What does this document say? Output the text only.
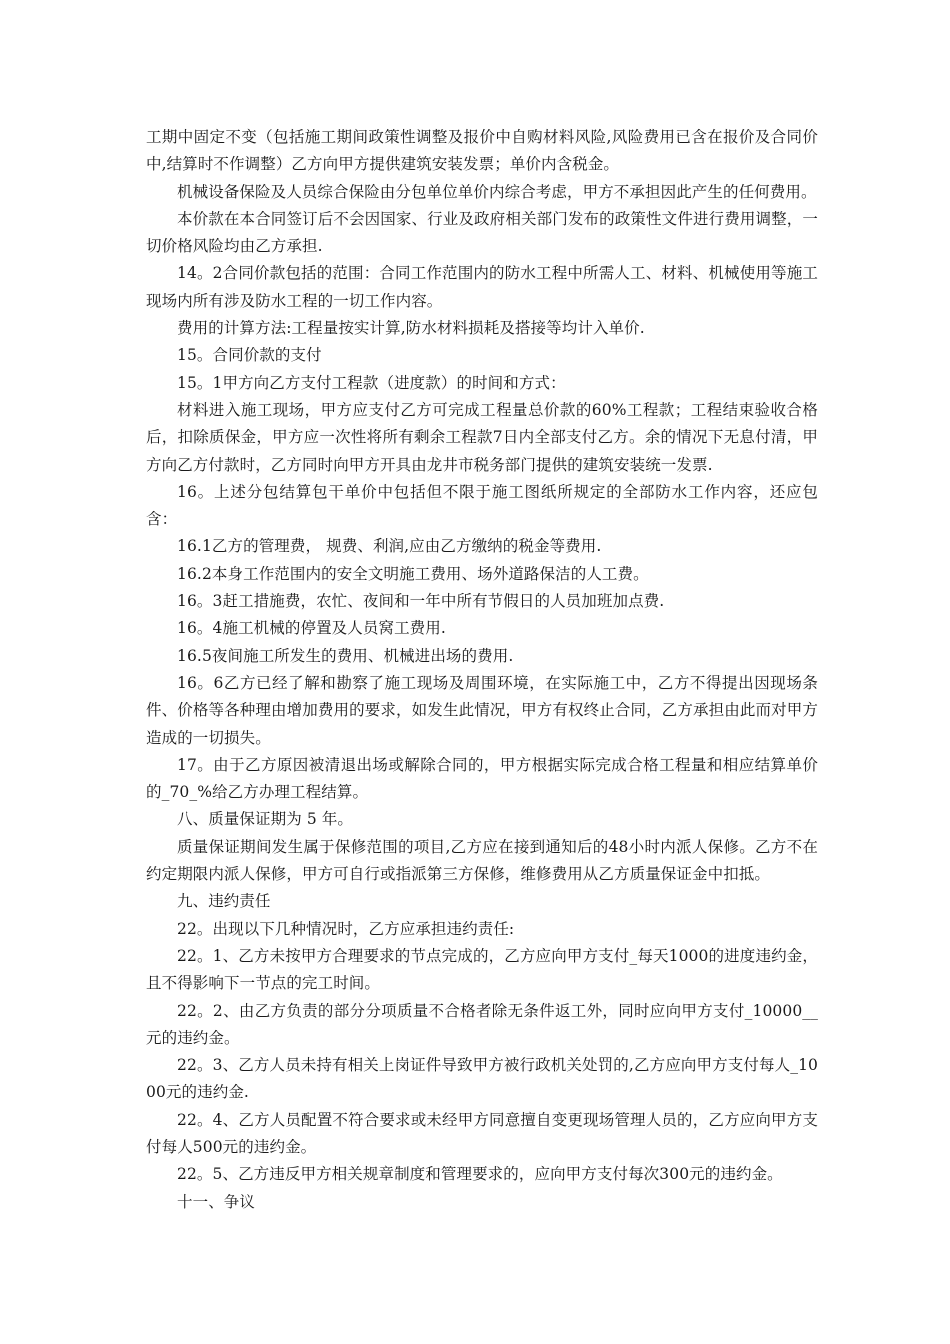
工期中固定不变（包括施工期间政策性调整及报价中自购材料风险,风险费用已含在报价及合同价中,结算时不作调整）乙方向甲方提供建筑安装发票；单价内含税金。

机械设备保险及人员综合保险由分包单位单价内综合考虑，甲方不承担因此产生的任何费用。

本价款在本合同签订后不会因国家、行业及政府相关部门发布的政策性文件进行费用调整，一切价格风险均由乙方承担.

14。2合同价款包括的范围：合同工作范围内的防水工程中所需人工、材料、机械使用等施工现场内所有涉及防水工程的一切工作内容。

费用的计算方法:工程量按实计算,防水材料损耗及搭接等均计入单价.

15。合同价款的支付

15。1甲方向乙方支付工程款（进度款）的时间和方式：

材料进入施工现场，甲方应支付乙方可完成工程量总价款的60%工程款；工程结束验收合格后，扣除质保金，甲方应一次性将所有剩余工程款7日内全部支付乙方。余的情况下无息付清，甲方向乙方付款时，乙方同时向甲方开具由龙井市税务部门提供的建筑安装统一发票.

16。上述分包结算包干单价中包括但不限于施工图纸所规定的全部防水工作内容，还应包含：

16.1乙方的管理费， 规费、利润,应由乙方缴纳的税金等费用.

16.2本身工作范围内的安全文明施工费用、场外道路保洁的人工费。

16。3赶工措施费，农忙、夜间和一年中所有节假日的人员加班加点费.

16。4施工机械的停置及人员窝工费用.

16.5夜间施工所发生的费用、机械进出场的费用.

16。6乙方已经了解和勘察了施工现场及周围环境，在实际施工中，乙方不得提出因现场条件、价格等各种理由增加费用的要求，如发生此情况，甲方有权终止合同，乙方承担由此而对甲方造成的一切损失。

17。由于乙方原因被清退出场或解除合同的，甲方根据实际完成合格工程量和相应结算单价的_70_%给乙方办理工程结算。

八、质量保证期为 5 年。

质量保证期间发生属于保修范围的项目,乙方应在接到通知后的48小时内派人保修。乙方不在约定期限内派人保修，甲方可自行或指派第三方保修，维修费用从乙方质量保证金中扣抵。

九、违约责任

22。出现以下几种情况时，乙方应承担违约责任:

22。1、乙方未按甲方合理要求的节点完成的，乙方应向甲方支付_每天1000的进度违约金，且不得影响下一节点的完工时间。

22。2、由乙方负责的部分分项质量不合格者除无条件返工外，同时应向甲方支付_10000__元的违约金。

22。3、乙方人员未持有相关上岗证件导致甲方被行政机关处罚的,乙方应向甲方支付每人_1000元的违约金.

22。4、乙方人员配置不符合要求或未经甲方同意擅自变更现场管理人员的，乙方应向甲方支付每人500元的违约金。

22。5、乙方违反甲方相关规章制度和管理要求的，应向甲方支付每次300元的违约金。

十一、争议
